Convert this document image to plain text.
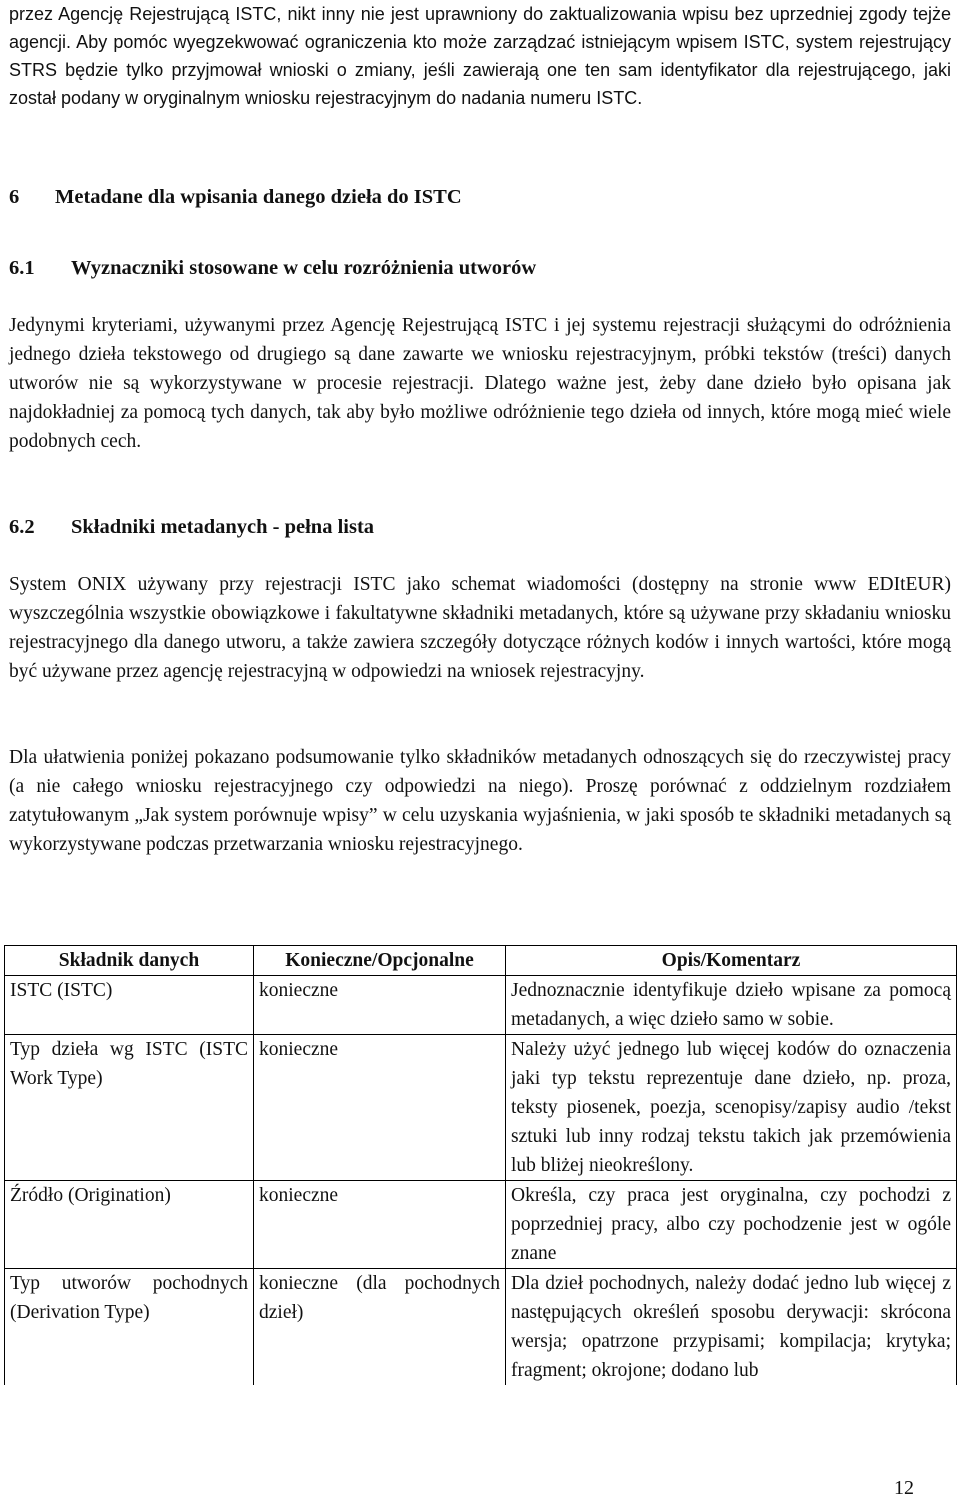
przez Agencję Rejestrującą ISTC, nikt inny nie jest uprawniony do zaktualizowania wpisu bez uprzedniej zgody tejże agencji. Aby pomóc wyegzekwować ograniczenia kto może zarządzać istniejącym wpisem ISTC, system rejestrujący STRS będzie tylko przyjmował wnioski o zmiany, jeśli zawierają one ten sam identyfikator dla rejestrującego, jaki został podany w oryginalnym wniosku rejestracyjnym do nadania numeru ISTC.

6 Metadane dla wpisania danego dzieła do ISTC
6.1 Wyznaczniki stosowane w celu rozróżnienia utworów

Jedynymi kryteriami, używanymi przez Agencję Rejestrującą ISTC i jej systemu rejestracji służącymi do odróżnienia jednego dzieła tekstowego od drugiego są dane zawarte we wniosku rejestracyjnym, próbki tekstów (treści) danych utworów nie są wykorzystywane w procesie rejestracji. Dlatego ważne jest, żeby dane dzieło było opisana jak najdokładniej za pomocą tych danych, tak aby było możliwe odróżnienie tego dzieła od innych, które mogą mieć wiele podobnych cech.

6.2 Składniki metadanych - pełna lista

System ONIX używany przy rejestracji ISTC jako schemat wiadomości (dostępny na stronie www EDItEUR) wyszczególnia wszystkie obowiązkowe i fakultatywne składniki metadanych, które są używane przy składaniu wniosku rejestracyjnego dla danego utworu, a także zawiera szczegóły dotyczące różnych kodów i innych wartości, które mogą być używane przez agencję rejestracyjną w odpowiedzi na wniosek rejestracyjny.

Dla ułatwienia poniżej pokazano podsumowanie tylko składników metadanych odnoszących się do rzeczywistej pracy (a nie całego wniosku rejestracyjnego czy odpowiedzi na niego). Proszę porównać z oddzielnym rozdziałem zatytułowanym „Jak system porównuje wpisy” w celu uzyskania wyjaśnienia, w jaki sposób te składniki metadanych są wykorzystywane podczas przetwarzania wniosku rejestracyjnego.

Składnik danych	Konieczne/Opcjonalne	Opis/Komentarz
ISTC (ISTC)	konieczne	Jednoznacznie identyfikuje dzieło wpisane za pomocą metadanych, a więc dzieło samo w sobie.
Typ dzieła wg ISTC (ISTC Work Type)	konieczne	Należy użyć jednego lub więcej kodów do oznaczenia jaki typ tekstu reprezentuje dane dzieło, np. proza, teksty piosenek, poezja, scenopisy/zapisy audio /tekst sztuki lub inny rodzaj tekstu takich jak przemówienia lub bliżej nieokreślony.
Źródło (Origination)	konieczne	Określa, czy praca jest oryginalna, czy pochodzi z poprzedniej pracy, albo czy pochodzenie jest w ogóle znane
Typ utworów pochodnych (Derivation Type)	konieczne (dla pochodnych dzieł)	Dla dzieł pochodnych, należy dodać jedno lub więcej z następujących określeń sposobu derywacji: skrócona wersja; opatrzone przypisami; kompilacja; krytyka; fragment; okrojone; dodano lub
12
